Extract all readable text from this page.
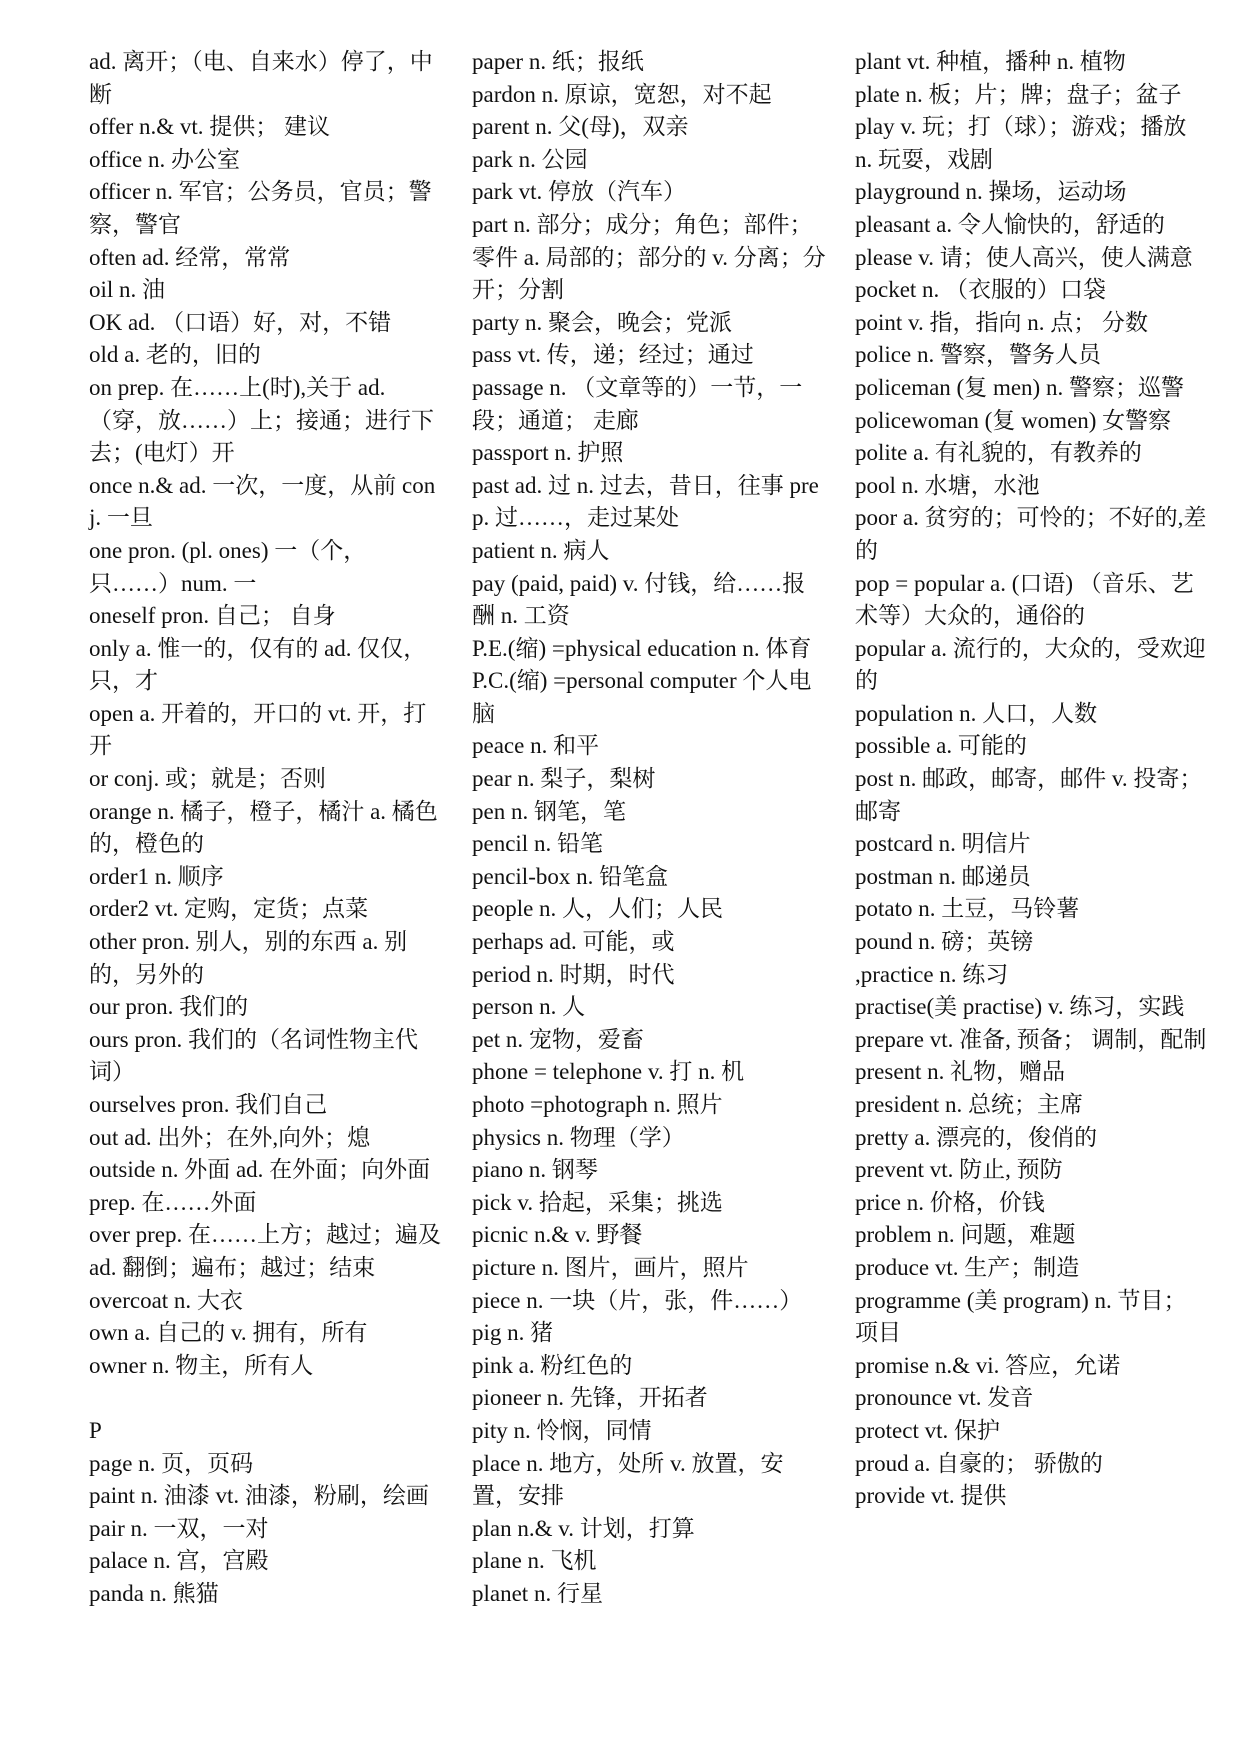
ad. 离开；（电、自来水）停了，中断

offer n.& vt. 提供； 建议

office n. 办公室

officer n. 军官；公务员，官员；警察，警官

often ad. 经常，常常

oil n. 油

OK ad. （口语）好，对，不错

old a. 老的，旧的

on prep. 在……上(时),关于 ad.（穿，放……）上；接通；进行下去；(电灯）开

once n.& ad. 一次，一度，从前 conj. 一旦

one pron. (pl. ones) 一（个，只……）num. 一

oneself pron. 自己； 自身

only a. 惟一的，仅有的 ad. 仅仅，只，才

open a. 开着的，开口的 vt. 开，打开

or conj. 或；就是；否则

orange n. 橘子，橙子，橘汁 a. 橘色的，橙色的

order1 n. 顺序

order2 vt. 定购，定货；点菜

other pron. 别人，别的东西 a. 别的，另外的

our pron. 我们的

ours pron. 我们的（名词性物主代词）

ourselves pron. 我们自己

out ad. 出外；在外,向外；熄

outside n. 外面 ad. 在外面；向外面

prep. 在……外面

over prep. 在……上方；越过；遍及 ad. 翻倒；遍布；越过；结束

overcoat n. 大衣

own a. 自己的 v. 拥有，所有

owner n. 物主，所有人

P

page n. 页，页码

paint n. 油漆 vt. 油漆，粉刷，绘画

pair n. 一双，一对

palace n. 宫，宫殿

panda n. 熊猫

paper n. 纸；报纸

pardon n. 原谅，宽恕，对不起

parent n. 父(母)，双亲

park n. 公园

park vt. 停放（汽车）

part n. 部分；成分；角色；部件；零件 a. 局部的；部分的 v. 分离；分开；分割

party n. 聚会，晚会；党派

pass vt. 传，递；经过；通过

passage n. （文章等的）一节，一段；通道； 走廊

passport n. 护照

past ad. 过 n. 过去，昔日，往事 prep. 过……，走过某处

patient n. 病人

pay (paid, paid) v. 付钱，给……报酬 n. 工资

P.E.(缩) =physical education n. 体育

P.C.(缩) =personal computer 个人电脑

peace n. 和平

pear n. 梨子，梨树

pen n. 钢笔，笔

pencil n. 铅笔

pencil-box n. 铅笔盒

people n. 人，人们；人民

perhaps ad. 可能，或

period n. 时期，时代

person n. 人

pet n. 宠物，爱畜

phone = telephone v. 打 n. 机

photo =photograph n. 照片

physics n. 物理（学）

piano n. 钢琴

pick v. 拾起，采集；挑选

picnic n.& v. 野餐

picture n. 图片，画片，照片

piece n. 一块（片，张，件……）

pig n. 猪

pink a. 粉红色的

pioneer n. 先锋，开拓者

pity n. 怜悯，同情

place n. 地方，处所 v. 放置，安置，安排

plan n.& v. 计划，打算

plane n. 飞机

planet n. 行星

plant vt. 种植，播种 n. 植物

plate n. 板；片；牌；盘子；盆子

play v. 玩；打（球）；游戏；播放 n. 玩耍，戏剧

playground n. 操场，运动场

pleasant a. 令人愉快的，舒适的

please v. 请；使人高兴，使人满意

pocket n. （衣服的）口袋

point v. 指，指向 n. 点； 分数

police n. 警察，警务人员

policeman (复 men) n. 警察；巡警

policewoman (复 women) 女警察

polite a. 有礼貌的，有教养的

pool n. 水塘，水池

poor a. 贫穷的；可怜的；不好的,差的

pop = popular a. (口语) （音乐、艺术等）大众的，通俗的

popular a. 流行的，大众的，受欢迎的

population n. 人口，人数

possible a. 可能的

post n. 邮政，邮寄，邮件 v. 投寄； 邮寄

postcard n. 明信片

postman n. 邮递员

potato n. 土豆，马铃薯

pound n. 磅；英镑

,practice n. 练习

practise(美 practise) v. 练习，实践

prepare vt. 准备, 预备； 调制，配制

present n. 礼物，赠品

president n. 总统；主席

pretty a. 漂亮的，俊俏的

prevent vt. 防止, 预防

price n. 价格，价钱

problem n. 问题，难题

produce vt. 生产；制造

programme (美 program) n. 节目；项目

promise n.& vi. 答应，允诺

pronounce vt. 发音

protect vt. 保护

proud a. 自豪的； 骄傲的

provide vt. 提供
